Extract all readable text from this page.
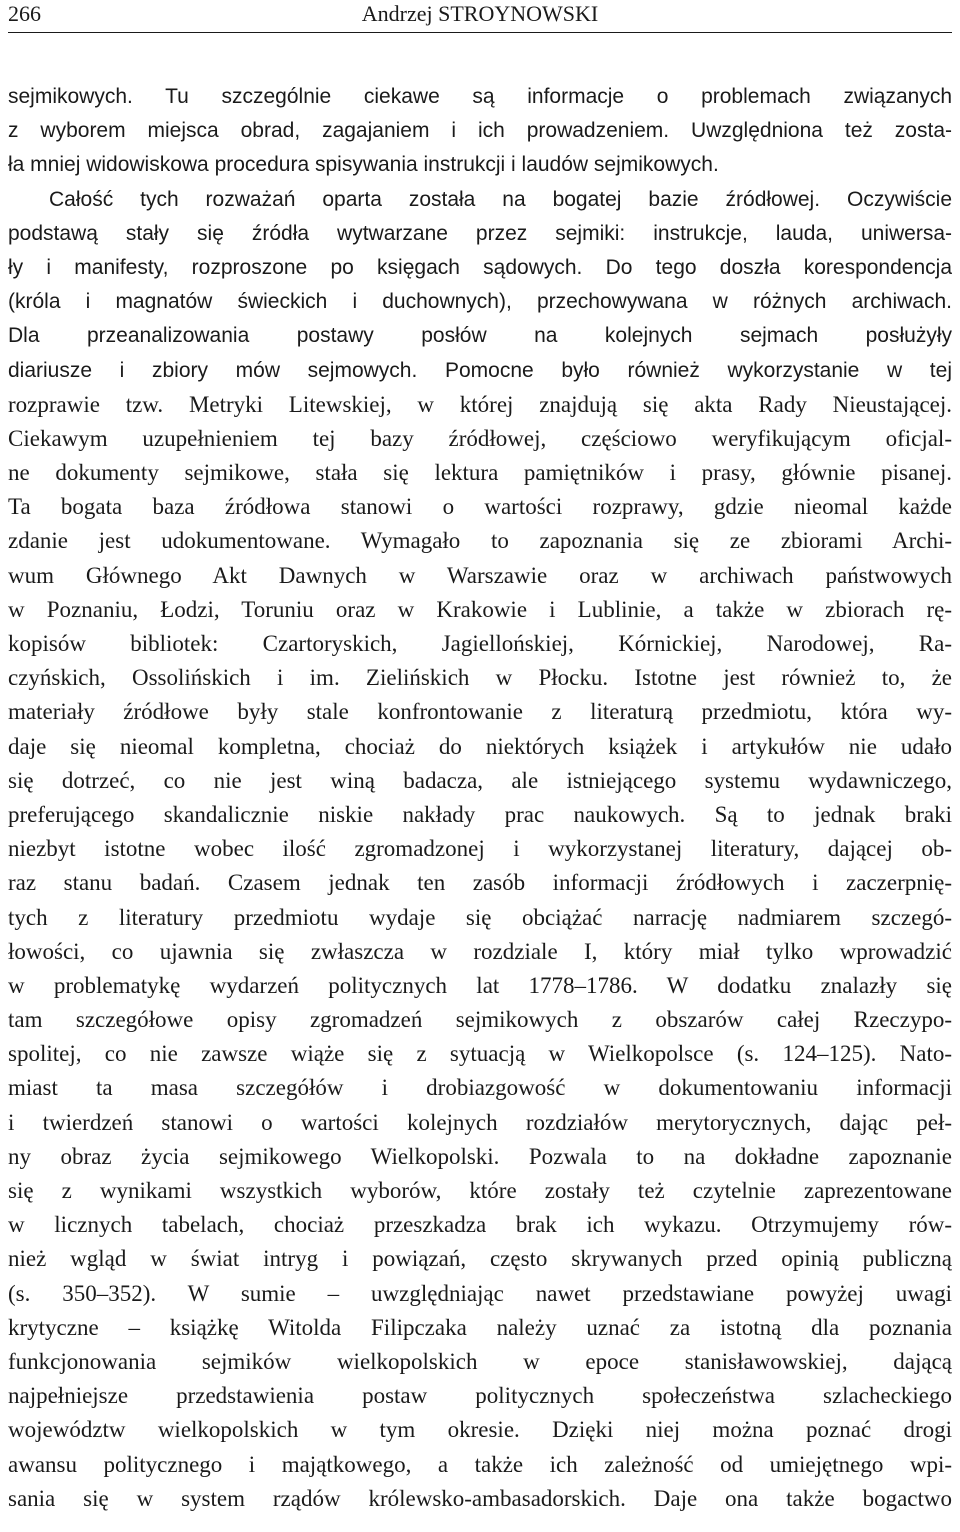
266	Andrzej STROYNOWSKI
sejmikowych. Tu szczególnie ciekawe są informacje o problemach związanych
z wyborem miejsca obrad, zagajaniem i ich prowadzeniem. Uwzględniona też zosta-
ła mniej widowiskowa procedura spisywania instrukcji i laudów sejmikowych.
Całość tych rozważań oparta została na bogatej bazie źródłowej. Oczywiście
podstawą stały się źródła wytwarzane przez sejmiki: instrukcje, lauda, uniwersa-
ły i manifesty, rozproszone po księgach sądowych. Do tego doszła korespondencja
(króla i magnatów świeckich i duchownych), przechowywana w różnych archiwach.
Dla przeanalizowania postawy posłów na kolejnych sejmach posłużyły
diariusze i zbiory mów sejmowych. Pomocne było również wykorzystanie w tej
rozprawie tzw. Metryki Litewskiej, w której znajdują się akta Rady Nieustającej.
Ciekawym uzupełnieniem tej bazy źródłowej, częściowo weryfikującym oficjal-
ne dokumenty sejmikowe, stała się lektura pamiętników i prasy, głównie pisanej.
Ta bogata baza źródłowa stanowi o wartości rozprawy, gdzie nieomal każde
zdanie jest udokumentowane. Wymagało to zapoznania się ze zbiorami Archi-
wum Głównego Akt Dawnych w Warszawie oraz w archiwach państwowych
w Poznaniu, Łodzi, Toruniu oraz w Krakowie i Lublinie, a także w zbiorach rę-
kopisów bibliotek: Czartoryskich, Jagiellońskiej, Kórnickiej, Narodowej, Ra-
czyńskich, Ossolińskich i im. Zielińskich w Płocku. Istotne jest również to, że
materiały źródłowe były stale konfrontowanie z literaturą przedmiotu, która wy-
daje się nieomal kompletna, chociaż do niektórych książek i artykułów nie udało
się dotrzeć, co nie jest winą badacza, ale istniejącego systemu wydawniczego,
preferującego skandalicznie niskie nakłady prac naukowych. Są to jednak braki
niezbyt istotne wobec ilość zgromadzonej i wykorzystanej literatury, dającej ob-
raz stanu badań. Czasem jednak ten zasób informacji źródłowych i zaczerpnię-
tych z literatury przedmiotu wydaje się obciążać narrację nadmiarem szczegó-
łowości, co ujawnia się zwłaszcza w rozdziale I, który miał tylko wprowadzić
w problematykę wydarzeń politycznych lat 1778–1786. W dodatku znalazły się
tam szczegółowe opisy zgromadzeń sejmikowych z obszarów całej Rzeczypo-
spolitej, co nie zawsze wiąże się z sytuacją w Wielkopolsce (s. 124–125). Nato-
miast ta masa szczegółów i drobiazgowość w dokumentowaniu informacji
i twierdzeń stanowi o wartości kolejnych rozdziałów merytorycznych, dając peł-
ny obraz życia sejmikowego Wielkopolski. Pozwala to na dokładne zapoznanie
się z wynikami wszystkich wyborów, które zostały też czytelnie zaprezentowane
w licznych tabelach, chociaż przeszkadza brak ich wykazu. Otrzymujemy rów-
nież wgląd w świat intryg i powiązań, często skrywanych przed opinią publiczną
(s. 350–352). W sumie – uwzględniając nawet przedstawiane powyżej uwagi
krytyczne – książkę Witolda Filipczaka należy uznać za istotną dla poznania
funkcjonowania sejmików wielkopolskich w epoce stanisławowskiej, dającą
najpełniejsze przedstawienia postaw politycznych społeczeństwa szlacheckiego
województw wielkopolskich w tym okresie. Dzięki niej można poznać drogi
awansu politycznego i majątkowego, a także ich zależność od umiejętnego wpi-
sania się w system rządów królewsko-ambasadorskich. Daje ona także bogactwo
